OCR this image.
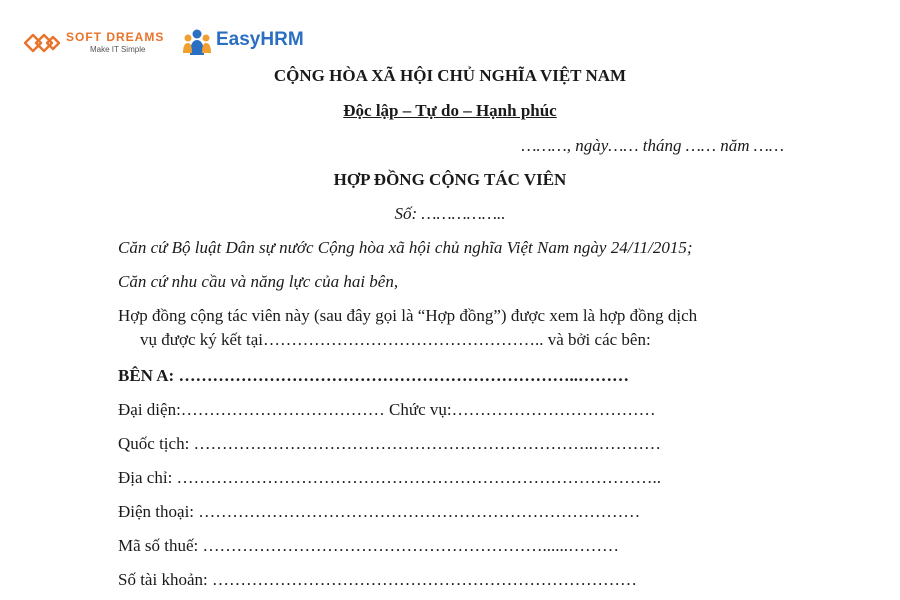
SOFT DREAMS
Make IT Simple	EasyHRM
CỘNG HÒA XÃ HỘI CHỦ NGHĨA VIỆT NAM
Độc lập – Tự do – Hạnh phúc
………, ngày…… tháng …… năm ……
HỢP ĐỒNG CỘNG TÁC VIÊN
Số: ……………..
Căn cứ Bộ luật Dân sự nước Cộng hòa xã hội chủ nghĩa Việt Nam ngày 24/11/2015;
Căn cứ nhu cầu và năng lực của hai bên,
Hợp đồng cộng tác viên này (sau đây gọi là “Hợp đồng”) được xem là hợp đồng dịch
vụ được ký kết tại………………………………………….. và bởi các bên:
BÊN A: ……………………………………………………………..………
Đại diện:……………………………… Chức vụ:………………………………
Quốc tịch: ……………………………………………………………..…………
Địa chỉ: …………………………………………………………………………..
Điện thoại: ……………………………………………………………………
Mã số thuế: ……………………………………………………......………
Số tài khoản: …………………………………………………………………
